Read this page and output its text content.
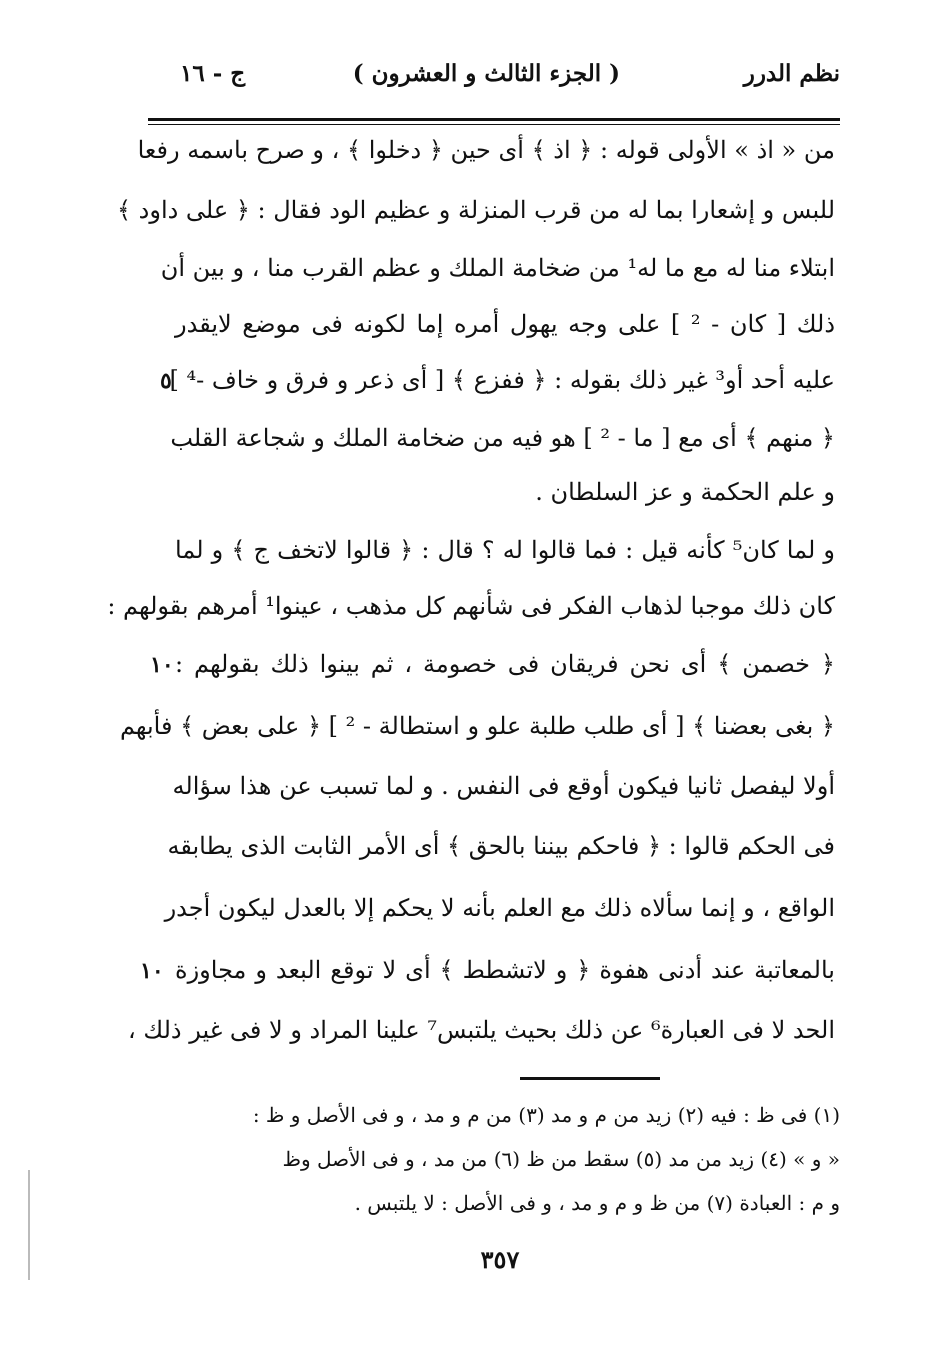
نظم الدرر
( الجزء الثالث و العشرون )
ج - ١٦
من « اذ » الأولى قوله : ﴿ اذ ﴾ أى حين ﴿ دخلوا ﴾ ، و صرح باسمه رفعا
للبس و إشعارا بما له من قرب المنزلة و عظيم الود فقال : ﴿ على داود ﴾
ابتلاء منا له مع ما له¹ من ضخامة الملك و عظم القرب منا ، و بين أن
ذلك [ كان - ² ] على وجه يهول أمره إما لكونه فى موضع لايقدر
عليه أحد أو³ غير ذلك بقوله : ﴿ ففزع ﴾ [ أى ذعر و فرق و خاف -⁴ ]
﴿ منهم ﴾ أى مع [ ما - ² ] هو فيه من ضخامة الملك و شجاعة القلب
و علم الحكمة و عز السلطان .
و لما كان⁵ كأنه قيل : فما قالوا له ؟ قال : ﴿ قالوا لاتخف ج ﴾ و لما
كان ذلك موجبا لذهاب الفكر فى شأنهم كل مذهب ، عينوا¹ أمرهم بقولهم :
﴿ خصمن ﴾ أى نحن فريقان فى خصومة ، ثم بينوا ذلك بقولهم :
﴿ بغى بعضنا ﴾ [ أى طلب طلبة علو و استطالة - ² ] ﴿ على بعض ﴾ فأبهم
أولا ليفصل ثانيا فيكون أوقع فى النفس . و لما تسبب عن هذا سؤاله
فى الحكم قالوا : ﴿ فاحكم بيننا بالحق ﴾ أى الأمر الثابت الذى يطابقه
الواقع ، و إنما سألاه ذلك مع العلم بأنه لا يحكم إلا بالعدل ليكون أجدر
بالمعاتبة عند أدنى هفوة ﴿ و لاتشطط ﴾ أى لا توقع البعد و مجاوزة
الحد لا فى العبارة⁶ عن ذلك بحيث يلتبس⁷ علينا المراد و لا فى غير ذلك ،
٥
١٠
١٠
(١) فى ظ : فيه (٢) زيد من م و مد (٣) من م و مد ، و فى الأصل و ظ :
« و » (٤) زيد من مد (٥) سقط من ظ (٦) من مد ، و فى الأصل وظ
و م : العبادة (٧) من ظ و م و مد ، و فى الأصل : لا يلتبس .
٣٥٧
